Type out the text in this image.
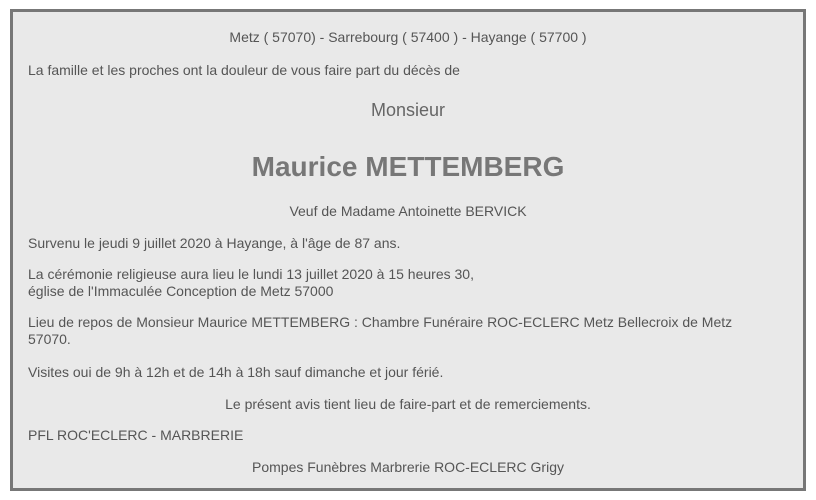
Metz ( 57070) - Sarrebourg ( 57400 ) - Hayange ( 57700 )
La famille et les proches ont la douleur de vous faire part du décès de
Monsieur
Maurice METTEMBERG
Veuf de Madame Antoinette BERVICK
Survenu le jeudi 9 juillet 2020 à Hayange, à l'âge de 87 ans.
La cérémonie religieuse aura lieu le lundi 13 juillet 2020 à 15 heures 30,
église de l'Immaculée Conception de Metz 57000
Lieu de repos de Monsieur Maurice METTEMBERG : Chambre Funéraire ROC-ECLERC Metz Bellecroix de Metz 57070.
Visites oui de 9h à 12h et de 14h à 18h sauf dimanche et jour férié.
Le présent avis tient lieu de faire-part et de remerciements.
PFL ROC'ECLERC - MARBRERIE
Pompes Funèbres Marbrerie ROC-ECLERC Grigy
